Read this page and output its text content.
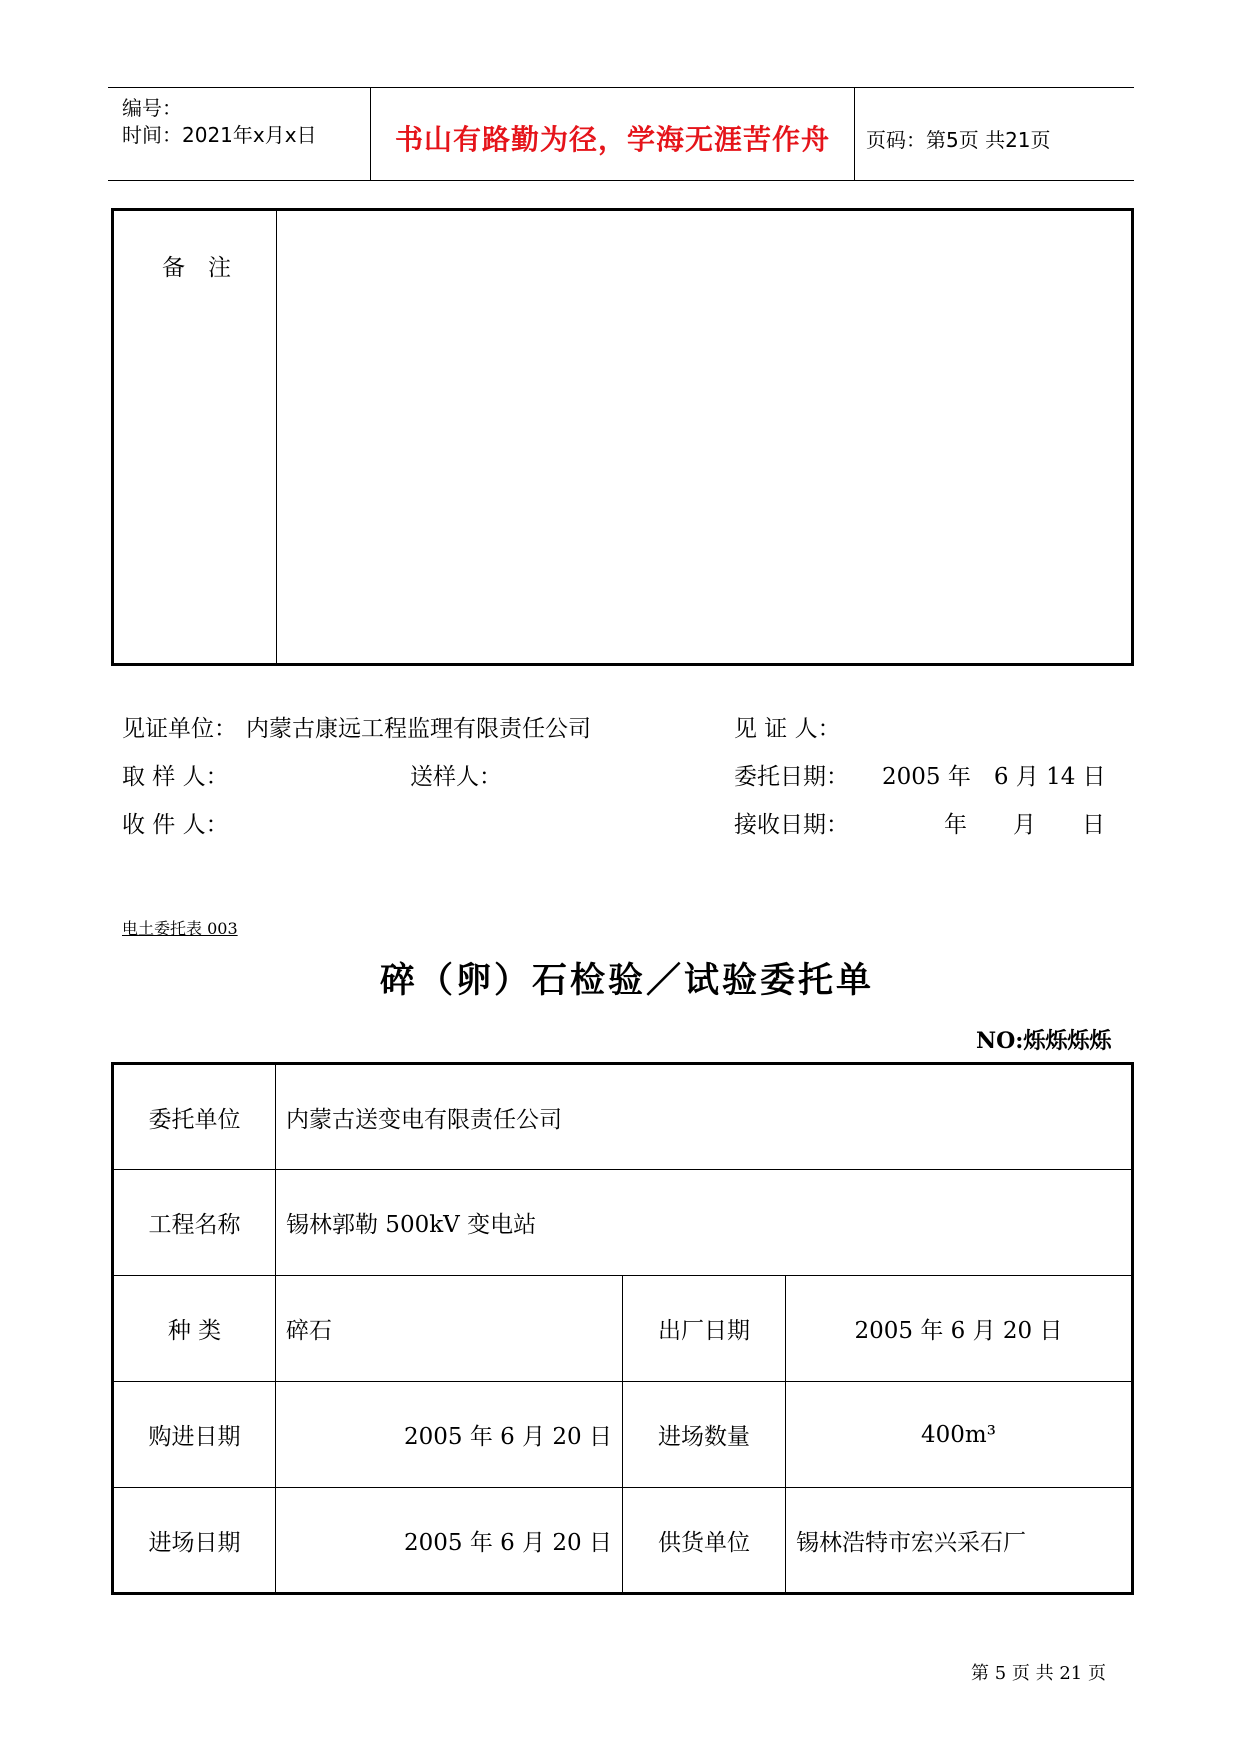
编号：
时间：2021年x月x日	书山有路勤为径，学海无涯苦作舟 页码：第5页 共21页
备　注
见证单位： 内蒙古康远工程监理有限责任公司	见 证 人：
取 样 人：	送样人：	委托日期： 2005 年　6 月 14 日
收 件 人：	接收日期：	年　　月　　日
电土委托表 003
碎（卵）石检验／试验委托单
NO:烁烁烁烁
委托单位	内蒙古送变电有限责任公司		
工程名称	锡林郭勒 500kV 变电站		
种 类	碎石	出厂日期	2005 年 6 月 20 日
购进日期	2005 年 6 月 20 日	进场数量	400m³
进场日期	2005 年 6 月 20 日	供货单位	锡林浩特市宏兴采石厂
第 5 页 共 21 页
